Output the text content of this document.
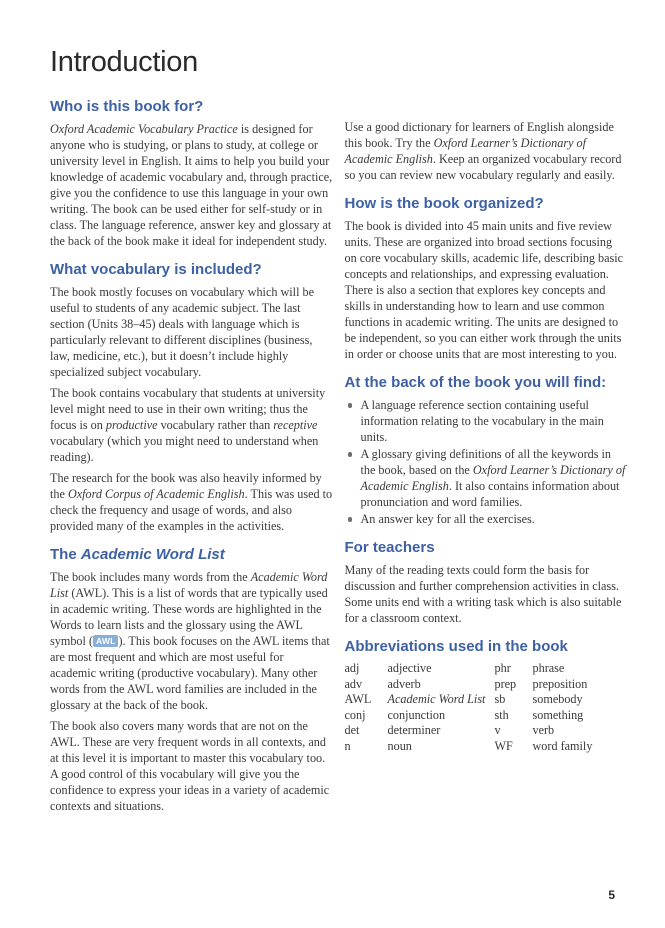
Introduction
Who is this book for?

Oxford Academic Vocabulary Practice is designed for anyone who is studying, or plans to study, at college or university level in English. It aims to help you build your knowledge of academic vocabulary and, through practice, give you the confidence to use this language in your own writing. The book can be used either for self-study or in class. The language reference, answer key and glossary at the back of the book make it ideal for independent study.

What vocabulary is included?

The book mostly focuses on vocabulary which will be useful to students of any academic subject. The last section (Units 38–45) deals with language which is particularly relevant to different disciplines (business, law, medicine, etc.), but it doesn’t include highly specialized subject vocabulary.

The book contains vocabulary that students at university level might need to use in their own writing; thus the focus is on productive vocabulary rather than receptive vocabulary (which you might need to understand when reading).

The research for the book was also heavily informed by the Oxford Corpus of Academic English. This was used to check the frequency and usage of words, and also provided many of the examples in the activities.

The Academic Word List

The book includes many words from the Academic Word List (AWL). This is a list of words that are typically used in academic writing. These words are highlighted in the Words to learn lists and the glossary using the AWL symbol ( AWL ). This book focuses on the AWL items that are most frequent and which are most useful for academic writing (productive vocabulary). Many other words from the AWL word families are included in the glossary at the back of the book.

The book also covers many words that are not on the AWL. These are very frequent words in all contexts, and at this level it is important to master this vocabulary too. A good control of this vocabulary will give you the confidence to express your ideas in a variety of academic contexts and situations.

Use a good dictionary for learners of English alongside this book. Try the Oxford Learner’s Dictionary of Academic English. Keep an organized vocabulary record so you can review new vocabulary regularly and easily.

How is the book organized?

The book is divided into 45 main units and five review units. These are organized into broad sections focusing on core vocabulary skills, academic life, describing basic concepts and relationships, and expressing evaluation. There is also a section that explores key concepts and skills in understanding how to learn and use common functions in academic writing. The units are designed to be independent, so you can either work through the units in order or choose units that are most interesting to you.

At the back of the book you will find:
A language reference section containing useful information relating to the vocabulary in the main units.
A glossary giving definitions of all the keywords in the book, based on the Oxford Learner’s Dictionary of Academic English. It also contains information about pronunciation and word families.
An answer key for all the exercises.
For teachers

Many of the reading texts could form the basis for discussion and further comprehension activities in class. Some units end with a writing task which is also suitable for a classroom context.

Abbreviations used in the book
adj	adjective	phr	phrase
adv	adverb	prep	preposition
AWL	Academic Word List	sb	somebody
conj	conjunction	sth	something
det	determiner	v	verb
n	noun	WF	word family
5
